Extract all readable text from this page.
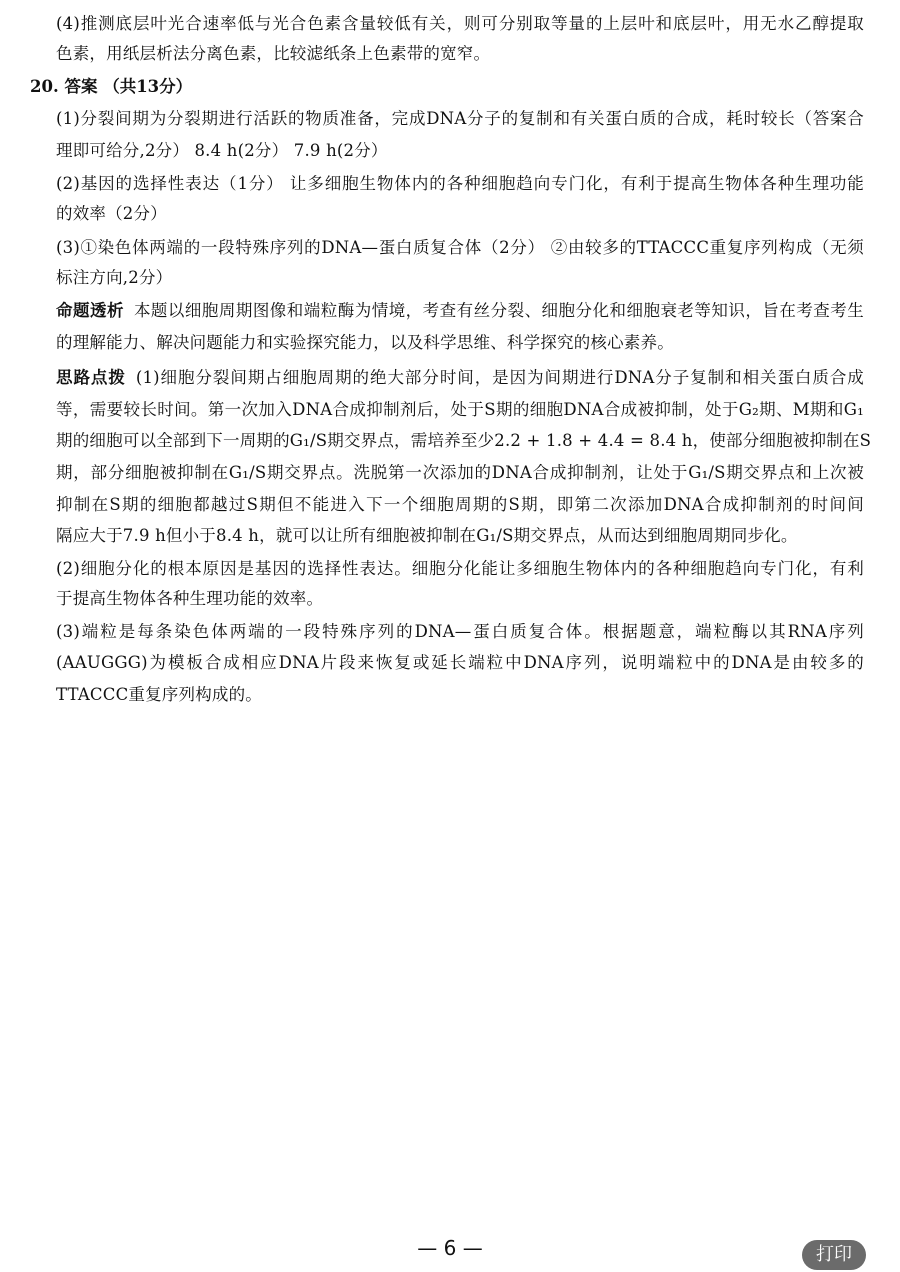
(4)推测底层叶光合速率低与光合色素含量较低有关，则可分别取等量的上层叶和底层叶，用无水乙醇提取
色素，用纸层析法分离色素，比较滤纸条上色素带的宽窄。
20. 答案 （共13分）
(1)分裂间期为分裂期进行活跃的物质准备，完成DNA分子的复制和有关蛋白质的合成，耗时较长（答案合
理即可给分,2分） 8.4 h(2分） 7.9 h(2分）
(2)基因的选择性表达（1分） 让多细胞生物体内的各种细胞趋向专门化，有利于提高生物体各种生理功能
的效率（2分）
(3)①染色体两端的一段特殊序列的DNA—蛋白质复合体（2分） ②由较多的TTACCC重复序列构成（无须
标注方向,2分）
命题透析 本题以细胞周期图像和端粒酶为情境，考查有丝分裂、细胞分化和细胞衰老等知识，旨在考查考生
的理解能力、解决问题能力和实验探究能力，以及科学思维、科学探究的核心素养。
思路点拨 (1)细胞分裂间期占细胞周期的绝大部分时间，是因为间期进行DNA分子复制和相关蛋白质合成
等，需要较长时间。第一次加入DNA合成抑制剂后，处于S期的细胞DNA合成被抑制，处于G₂期、M期和G₁
期的细胞可以全部到下一周期的G₁/S期交界点，需培养至少2.2 + 1.8 + 4.4 = 8.4 h，使部分细胞被抑制在S
期，部分细胞被抑制在G₁/S期交界点。洗脱第一次添加的DNA合成抑制剂，让处于G₁/S期交界点和上次被
抑制在S期的细胞都越过S期但不能进入下一个细胞周期的S期，即第二次添加DNA合成抑制剂的时间间
隔应大于7.9 h但小于8.4 h，就可以让所有细胞被抑制在G₁/S期交界点，从而达到细胞周期同步化。
(2)细胞分化的根本原因是基因的选择性表达。细胞分化能让多细胞生物体内的各种细胞趋向专门化，有利
于提高生物体各种生理功能的效率。
(3)端粒是每条染色体两端的一段特殊序列的DNA—蛋白质复合体。根据题意，端粒酶以其RNA序列
(AAUGGG)为模板合成相应DNA片段来恢复或延长端粒中DNA序列，说明端粒中的DNA是由较多的
TTACCC重复序列构成的。
— 6 —	打印
